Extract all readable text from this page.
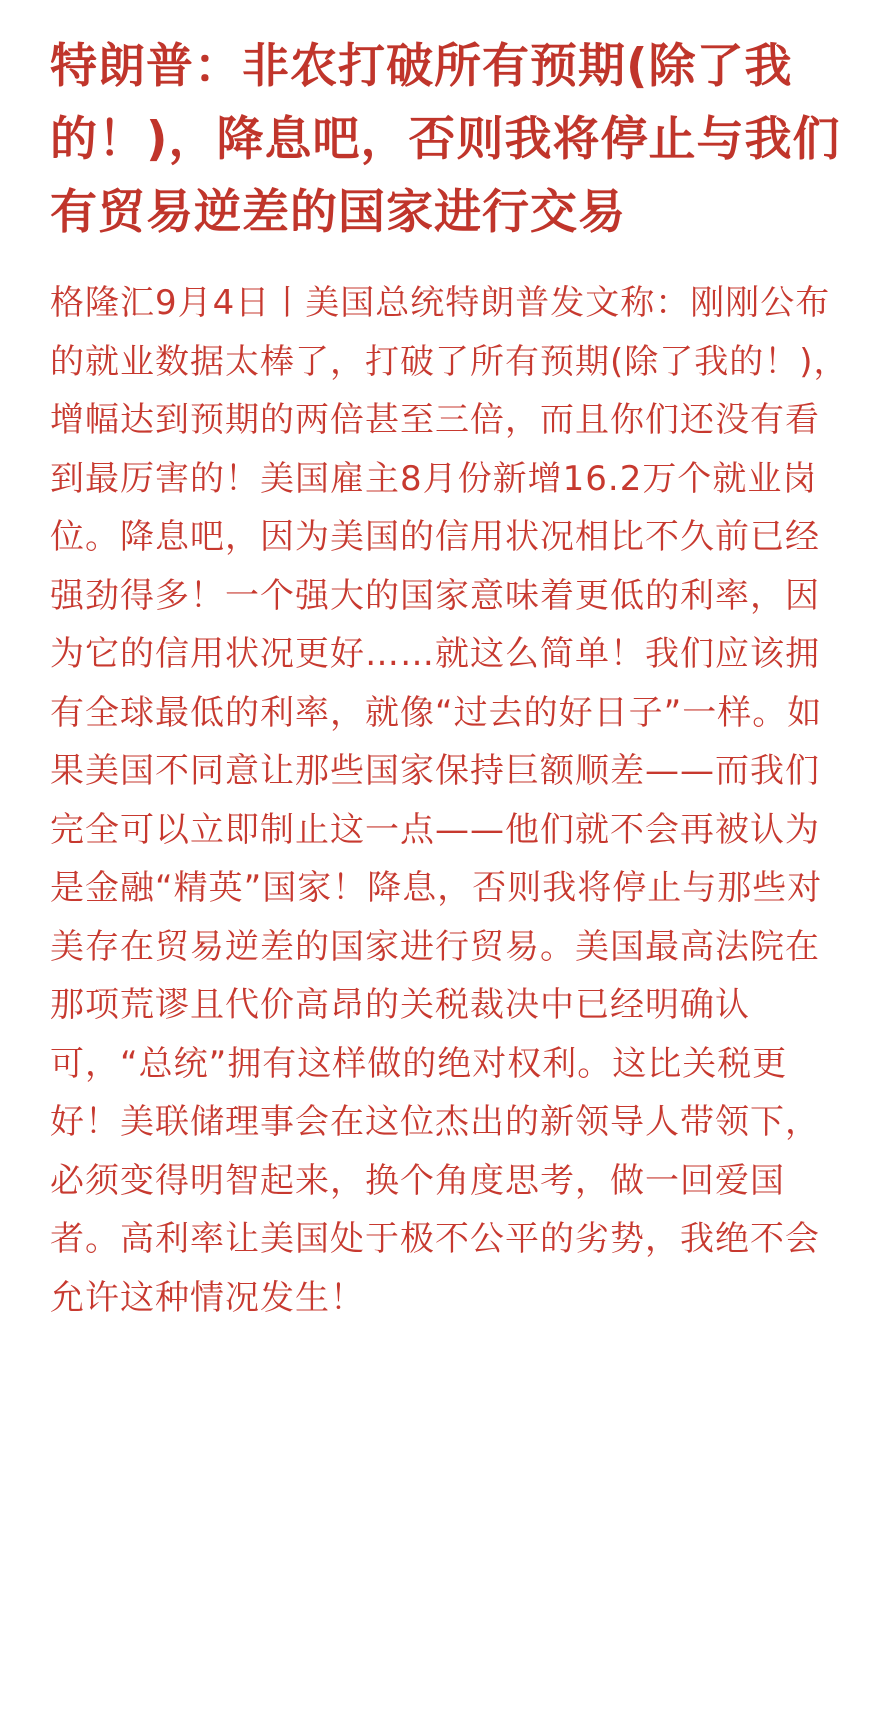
特朗普：非农打破所有预期(除了我的！)，降息吧，否则我将停止与我们有贸易逆差的国家进行交易
格隆汇9月4日丨美国总统特朗普发文称：刚刚公布的就业数据太棒了，打破了所有预期(除了我的！)，增幅达到预期的两倍甚至三倍，而且你们还没有看到最厉害的！美国雇主8月份新增16.2万个就业岗位。降息吧，因为美国的信用状况相比不久前已经强劲得多！一个强大的国家意味着更低的利率，因为它的信用状况更好……就这么简单！我们应该拥有全球最低的利率，就像“过去的好日子”一样。如果美国不同意让那些国家保持巨额顺差——而我们完全可以立即制止这一点——他们就不会再被认为是金融“精英”国家！降息，否则我将停止与那些对美存在贸易逆差的国家进行贸易。美国最高法院在那项荒谬且代价高昂的关税裁决中已经明确认可，“总统”拥有这样做的绝对权利。这比关税更好！美联储理事会在这位杰出的新领导人带领下，必须变得明智起来，换个角度思考，做一回爱国者。高利率让美国处于极不公平的劣势，我绝不会允许这种情况发生！
